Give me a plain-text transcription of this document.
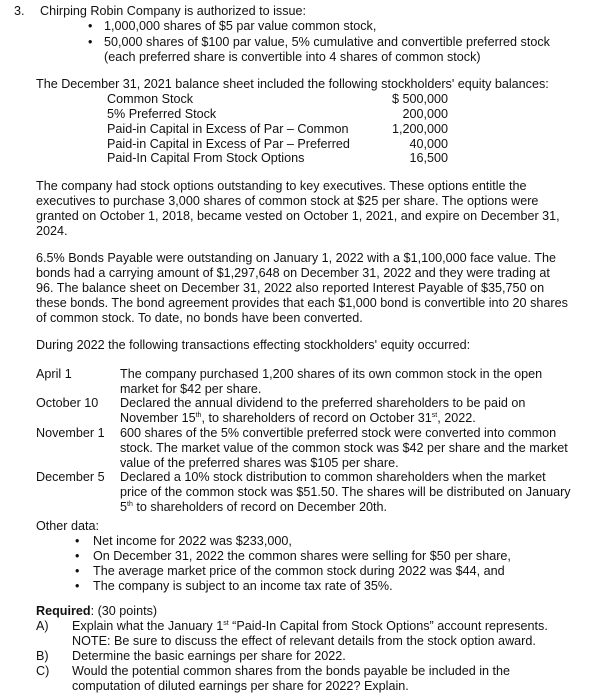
3. Chirping Robin Company is authorized to issue:
• 1,000,000 shares of $5 par value common stock,
• 50,000 shares of $100 par value, 5% cumulative and convertible preferred stock
(each preferred share is convertible into 4 shares of common stock)
The December 31, 2021 balance sheet included the following stockholders' equity balances:
Common Stock	$ 500,000
5% Preferred Stock	200,000
Paid-in Capital in Excess of Par – Common	1,200,000
Paid-in Capital in Excess of Par – Preferred	40,000
Paid-In Capital From Stock Options	16,500
The company had stock options outstanding to key executives. These options entitle the
executives to purchase 3,000 shares of common stock at $25 per share. The options were
granted on October 1, 2018, became vested on October 1, 2021, and expire on December 31,
2024.
6.5% Bonds Payable were outstanding on January 1, 2022 with a $1,100,000 face value. The
bonds had a carrying amount of $1,297,648 on December 31, 2022 and they were trading at
96. The balance sheet on December 31, 2022 also reported Interest Payable of $35,750 on
these bonds. The bond agreement provides that each $1,000 bond is convertible into 20 shares
of common stock. To date, no bonds have been converted.
During 2022 the following transactions effecting stockholders' equity occurred:
April 1	The company purchased 1,200 shares of its own common stock in the open
market for $42 per share.
October 10 Declared the annual dividend to the preferred shareholders to be paid on
November 15th, to shareholders of record on October 31st, 2022.
November 1 600 shares of the 5% convertible preferred stock were converted into common
stock. The market value of the common stock was $42 per share and the market
value of the preferred shares was $105 per share.
December 5 Declared a 10% stock distribution to common shareholders when the market
price of the common stock was $51.50. The shares will be distributed on January
5th to shareholders of record on December 20th.
Other data:
• Net income for 2022 was $233,000,
• On December 31, 2022 the common shares were selling for $50 per share,
• The average market price of the common stock during 2022 was $44, and
• The company is subject to an income tax rate of 35%.
Required: (30 points)
A) Explain what the January 1st “Paid-In Capital from Stock Options” account represents.
NOTE: Be sure to discuss the effect of relevant details from the stock option award.
B) Determine the basic earnings per share for 2022.
C) Would the potential common shares from the bonds payable be included in the
computation of diluted earnings per share for 2022? Explain.
